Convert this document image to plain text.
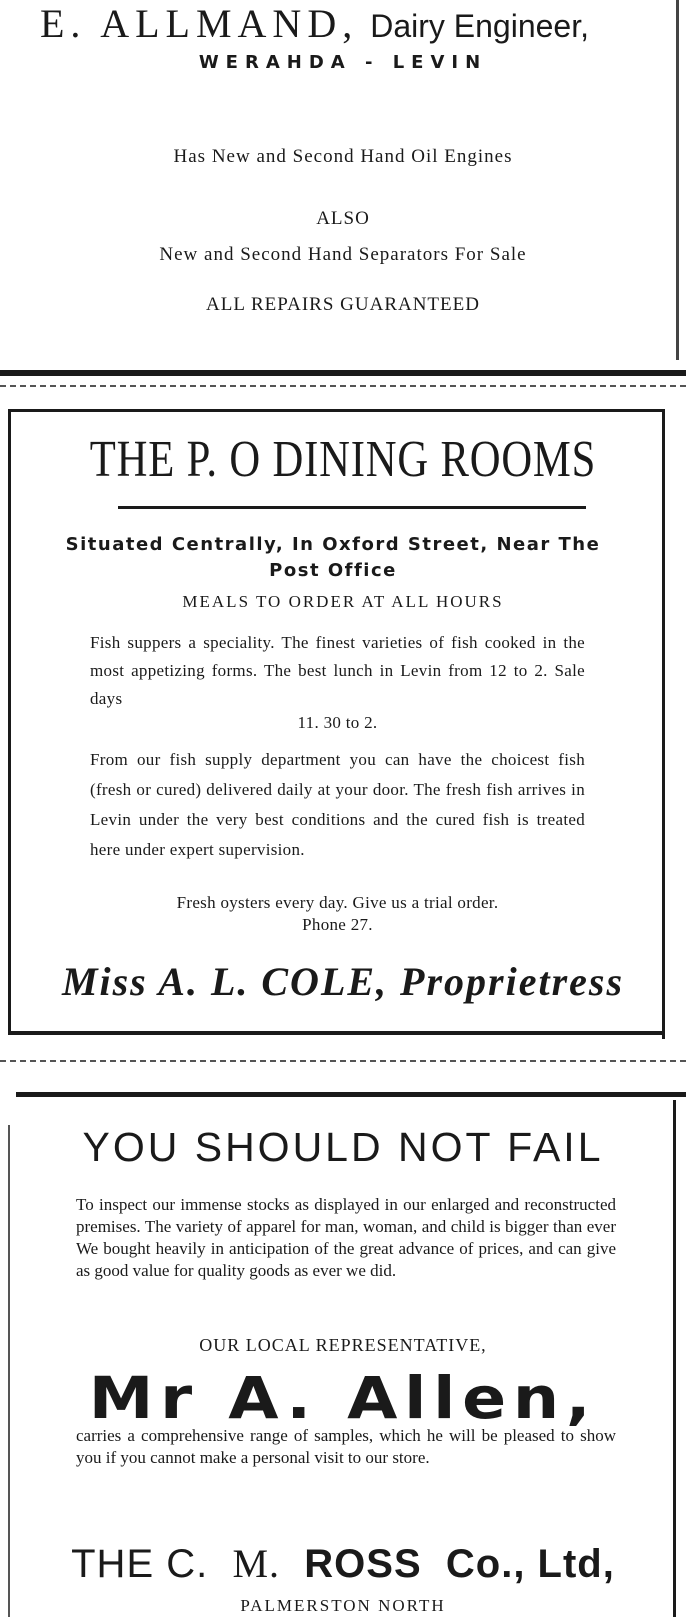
E. ALLMAND, Dairy Engineer,
WERAHDA - LEVIN
Has New and Second Hand Oil Engines
ALSO
New and Second Hand Separators For Sale
ALL REPAIRS GUARANTEED
THE P. O DINING ROOMS
Situated Centrally, In Oxford Street, Near The Post Office
MEALS TO ORDER AT ALL HOURS
Fish suppers a speciality. The finest varieties of fish cooked in the most appetizing forms. The best lunch in Levin from 12 to 2. Sale days
11. 30 to 2.
From our fish supply department you can have the choicest fish (fresh or cured) delivered daily at your door. The fresh fish arrives in Levin under the very best conditions and the cured fish is treated here under expert supervision.
Fresh oysters every day. Give us a trial order.
Phone 27.
Miss A. L. COLE, Proprietress
YOU SHOULD NOT FAIL
To inspect our immense stocks as displayed in our enlarged and reconstructed premises. The variety of apparel for man, woman, and child is bigger than ever We bought heavily in anticipation of the great advance of prices, and can give as good value for quality goods as ever we did.
OUR LOCAL REPRESENTATIVE,
Mr A. Allen,
carries a comprehensive range of samples, which he will be pleased to show you if you cannot make a personal visit to our store.
THE C. M. ROSS Co., Ltd,
PALMERSTON NORTH
